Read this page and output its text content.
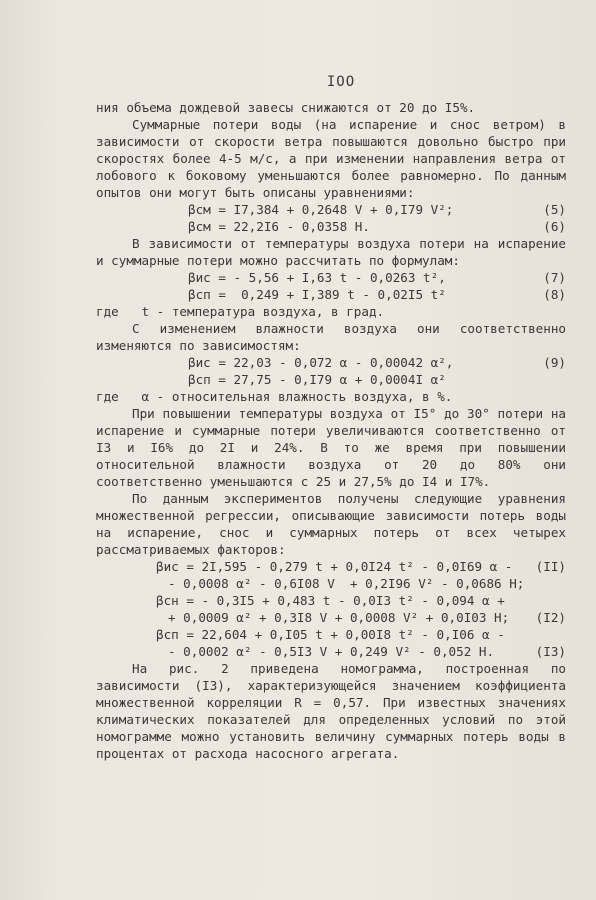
IOO

ния объема дождевой завесы снижаются от 20 до I5%.

Суммарные потери воды (на испарение и снос ветром) в зависимости от скорости ветра повышаются довольно быстро при скоростях более 4-5 м/с, а при изменении направления ветра от лобового к боковому уменьшаются более равномерно. По данным опытов они могут быть описаны уравнениями:

βсм = I7,384 + 0,2648 V + 0,I79 V²;	(5)
βсм = 22,2I6 - 0,0358 H.	(6)

В зависимости от температуры воздуха потери на испарение и суммарные потери можно рассчитать по формулам:

βис = - 5,56 + I,63 t - 0,0263 t²,	(7)
βсп =  0,249 + I,389 t - 0,02I5 t²	(8)
где   t - температура воздуха, в град.

С изменением влажности воздуха они соответственно изменяются по зависимостям:

βис = 22,03 - 0,072 α - 0,00042 α²,	(9)
βсп = 27,75 - 0,I79 α + 0,0004I α²
где   α - относительная влажность воздуха, в %.

При повышении температуры воздуха от I5° до 30° потери на испарение и суммарные потери увеличиваются соответственно от I3 и I6% до 2I и 24%. В то же время при повышении относительной влажности воздуха от 20 до 80% они соответственно уменьшаются с 25 и 27,5% до I4 и I7%.

По данным экспериментов получены следующие уравнения множественной регрессии, описывающие зависимости потерь воды на испарение, снос и суммарных потерь от всех четырех рассматриваемых факторов:

βис = 2I,595 - 0,279 t + 0,0I24 t² - 0,0I69 α - (II)
- 0,0008 α² - 0,6I08 V  + 0,2I96 V² - 0,0686 H;
βсн = - 0,3I5 + 0,483 t - 0,0I3 t² - 0,094 α +
+ 0,0009 α² + 0,3I8 V + 0,0008 V² + 0,0I03 H; (I2)
βсп = 22,604 + 0,I05 t + 0,00I8 t² - 0,I06 α -
- 0,0002 α² - 0,5I3 V + 0,249 V² - 0,052 H.	(I3)

На рис. 2 приведена номограмма, построенная по зависимости (I3), характеризующейся значением коэффициента множественной корреляции R = 0,57. При известных значениях климатических показателей для определенных условий по этой номограмме можно установить величину суммарных потерь воды в процентах от расхода насосного агрегата.
